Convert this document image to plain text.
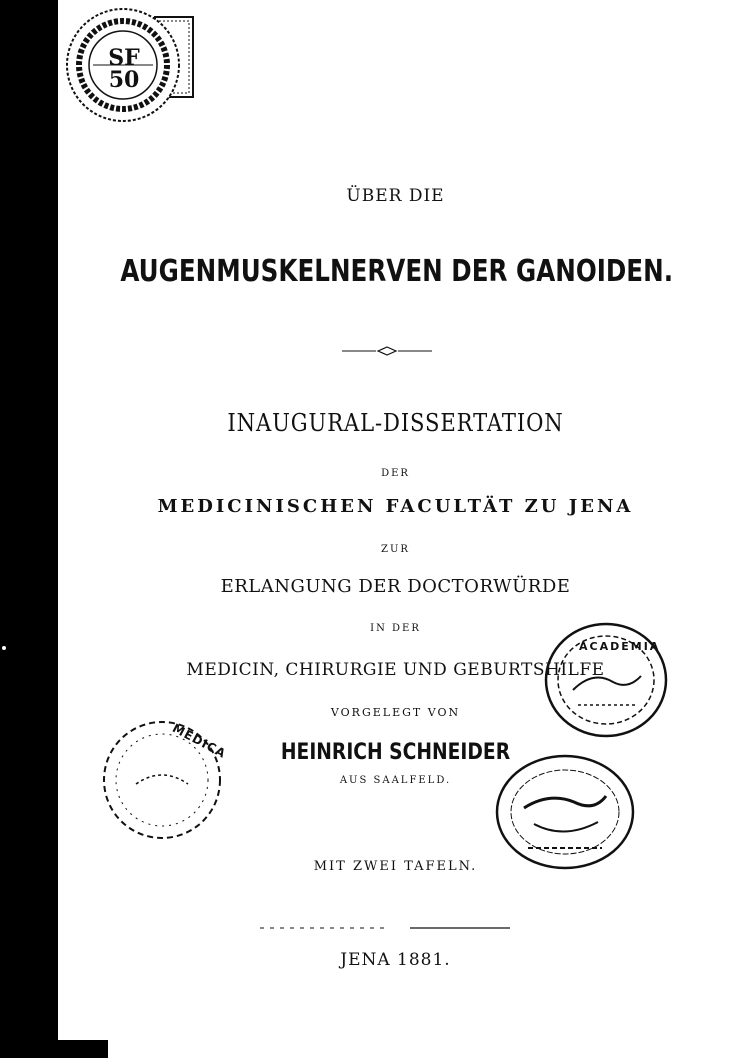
SF 50
ACADEMIA
MEDICA
ÜBER DIE
AUGENMUSKELNERVEN DER GANOIDEN.
INAUGURAL-DISSERTATION
DER
MEDICINISCHEN FACULTÄT ZU JENA
ZUR
ERLANGUNG DER DOCTORWÜRDE
IN DER
MEDICIN, CHIRURGIE UND GEBURTSHILFE
VORGELEGT VON
HEINRICH SCHNEIDER
AUS SAALFELD.
MIT ZWEI TAFELN.
JENA 1881.
